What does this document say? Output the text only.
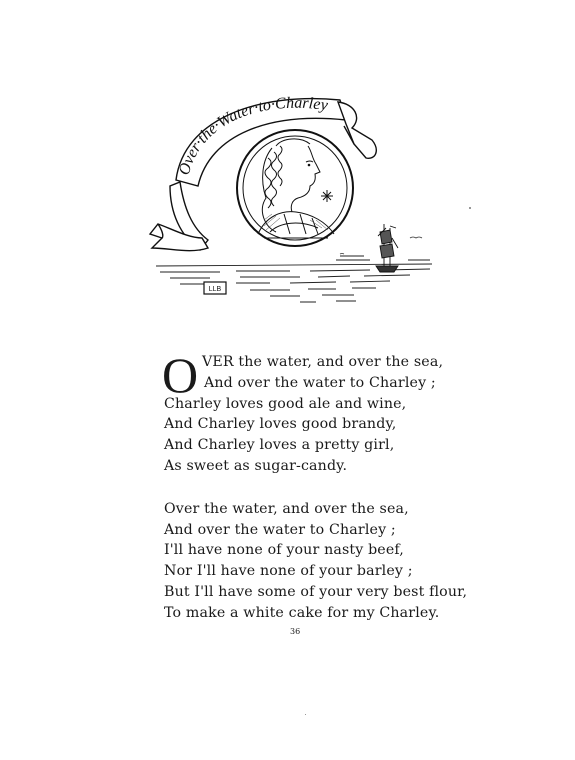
Over·the·Water·to·Charley
LLB
O VER the water, and over the sea,
And over the water to Charley ;
Charley loves good ale and wine,
And Charley loves good brandy,
And Charley loves a pretty girl,
As sweet as sugar-candy.
Over the water, and over the sea,
And over the water to Charley ;
I'll have none of your nasty beef,
Nor I'll have none of your barley ;
But I'll have some of your very best flour,
To make a white cake for my Charley.
36
